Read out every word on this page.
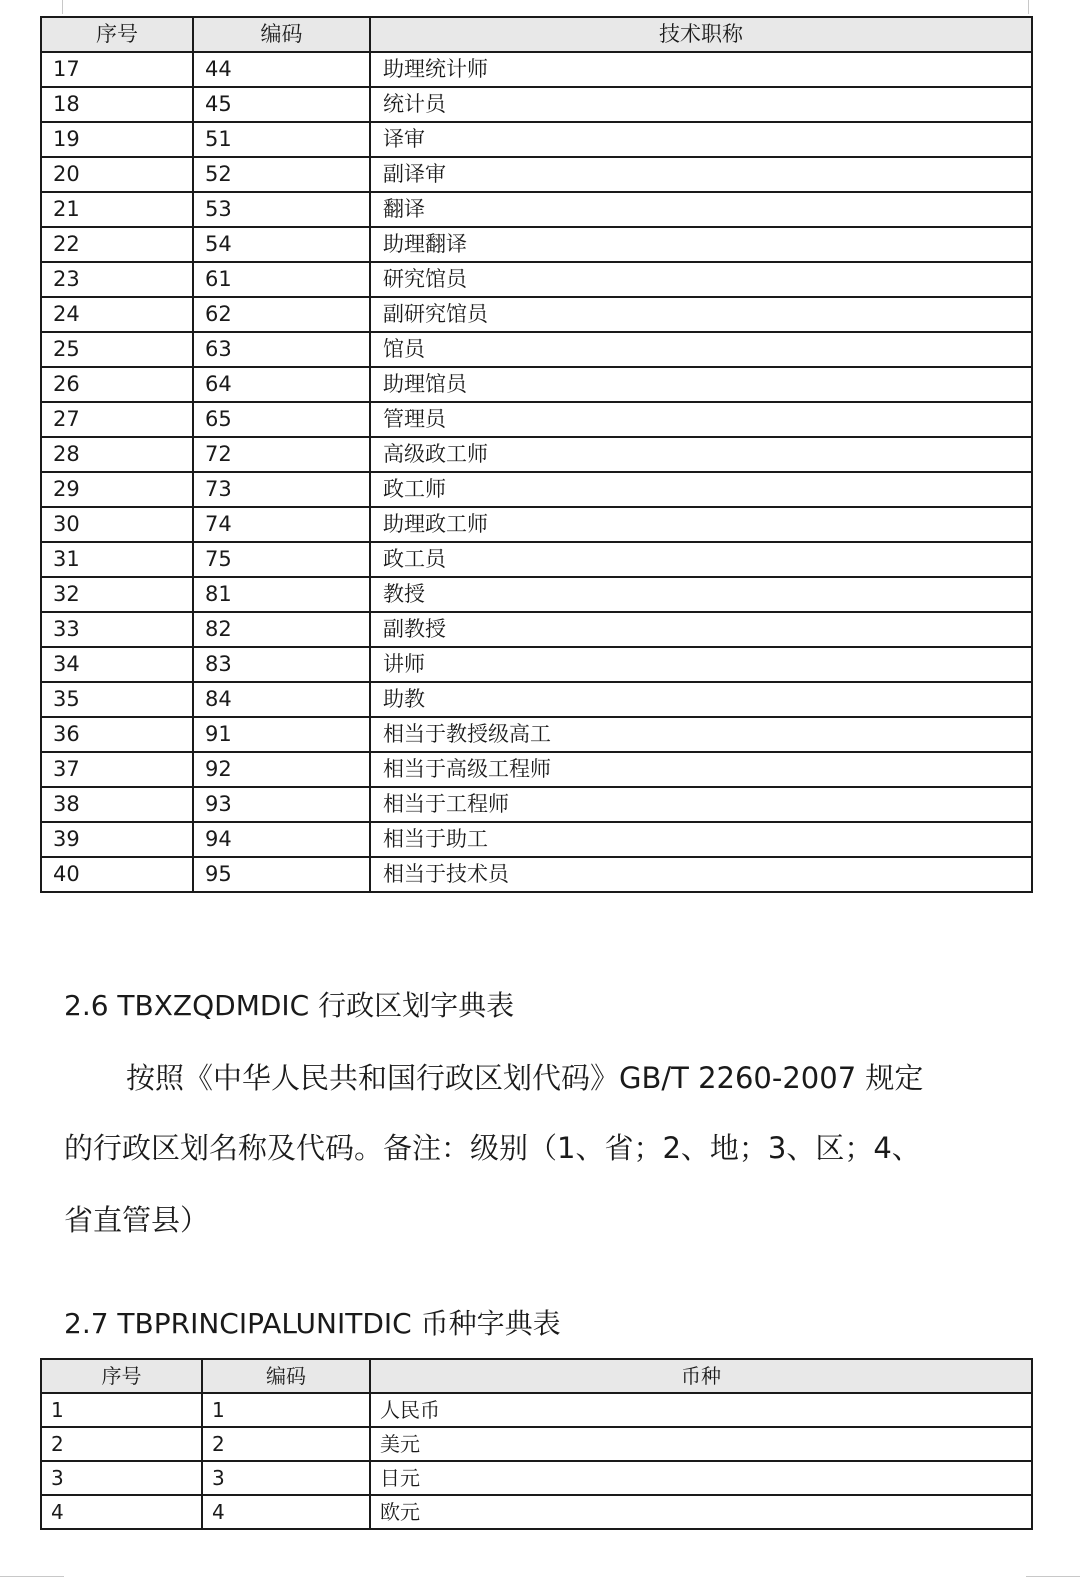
序号	编码	技术职称
17	44	助理统计师
18	45	统计员
19	51	译审
20	52	副译审
21	53	翻译
22	54	助理翻译
23	61	研究馆员
24	62	副研究馆员
25	63	馆员
26	64	助理馆员
27	65	管理员
28	72	高级政工师
29	73	政工师
30	74	助理政工师
31	75	政工员
32	81	教授
33	82	副教授
34	83	讲师
35	84	助教
36	91	相当于教授级高工
37	92	相当于高级工程师
38	93	相当于工程师
39	94	相当于助工
40	95	相当于技术员
2.6 TBXZQDMDIC 行政区划字典表
按照《中华人民共和国行政区划代码》GB/T 2260-2007 规定
的行政区划名称及代码。备注：级别（1、省；2、地；3、区；4、
省直管县）
2.7 TBPRINCIPALUNITDIC 币种字典表
序号	编码	币种
1	1	人民币
2	2	美元
3	3	日元
4	4	欧元
